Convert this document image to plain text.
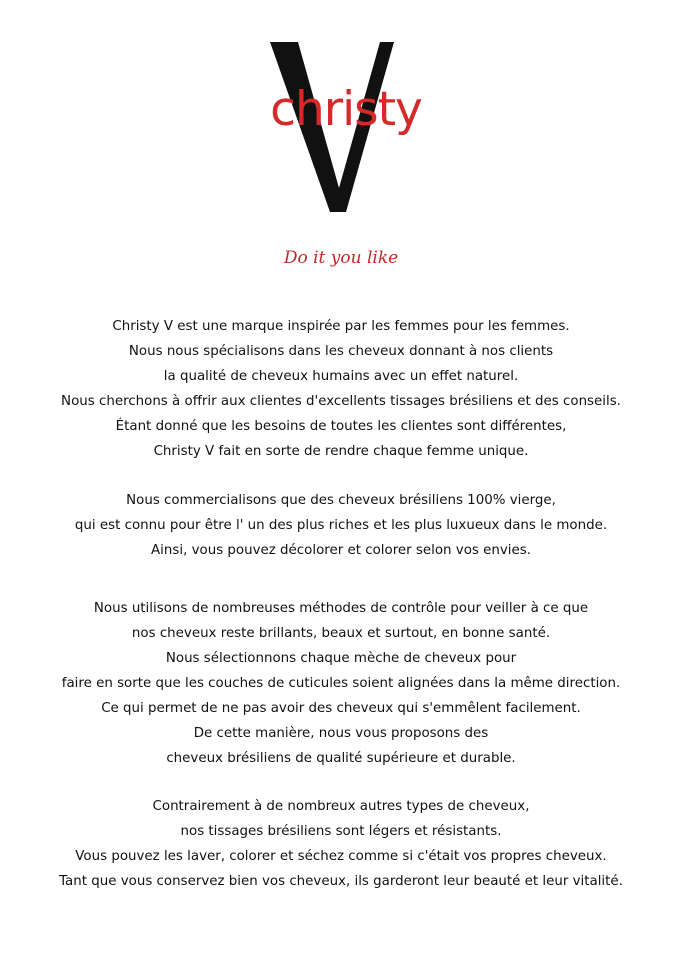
christy
Do it you like
Christy V est une marque inspirée par les femmes pour les femmes.
Nous nous spécialisons dans les cheveux donnant à nos clients
la qualité de cheveux humains avec un effet naturel.
Nous cherchons à offrir aux clientes d'excellents tissages brésiliens et des conseils.
Étant donné que les besoins de toutes les clientes sont différentes,
Christy V fait en sorte de rendre chaque femme unique.
Nous commercialisons que des cheveux brésiliens 100% vierge,
qui est connu pour être l' un des plus riches et les plus luxueux dans le monde.
Ainsi, vous pouvez décolorer et colorer selon vos envies.
Nous utilisons de nombreuses méthodes de contrôle pour veiller à ce que
nos cheveux reste brillants, beaux et surtout, en bonne santé.
Nous sélectionnons chaque mèche de cheveux pour
faire en sorte que les couches de cuticules soient alignées dans la même direction.
Ce qui permet de ne pas avoir des cheveux qui s'emmêlent facilement.
De cette manière, nous vous proposons des
cheveux brésiliens de qualité supérieure et durable.
Contrairement à de nombreux autres types de cheveux,
nos tissages brésiliens sont légers et résistants.
Vous pouvez les laver, colorer et séchez comme si c'était vos propres cheveux.
Tant que vous conservez bien vos cheveux, ils garderont leur beauté et leur vitalité.
